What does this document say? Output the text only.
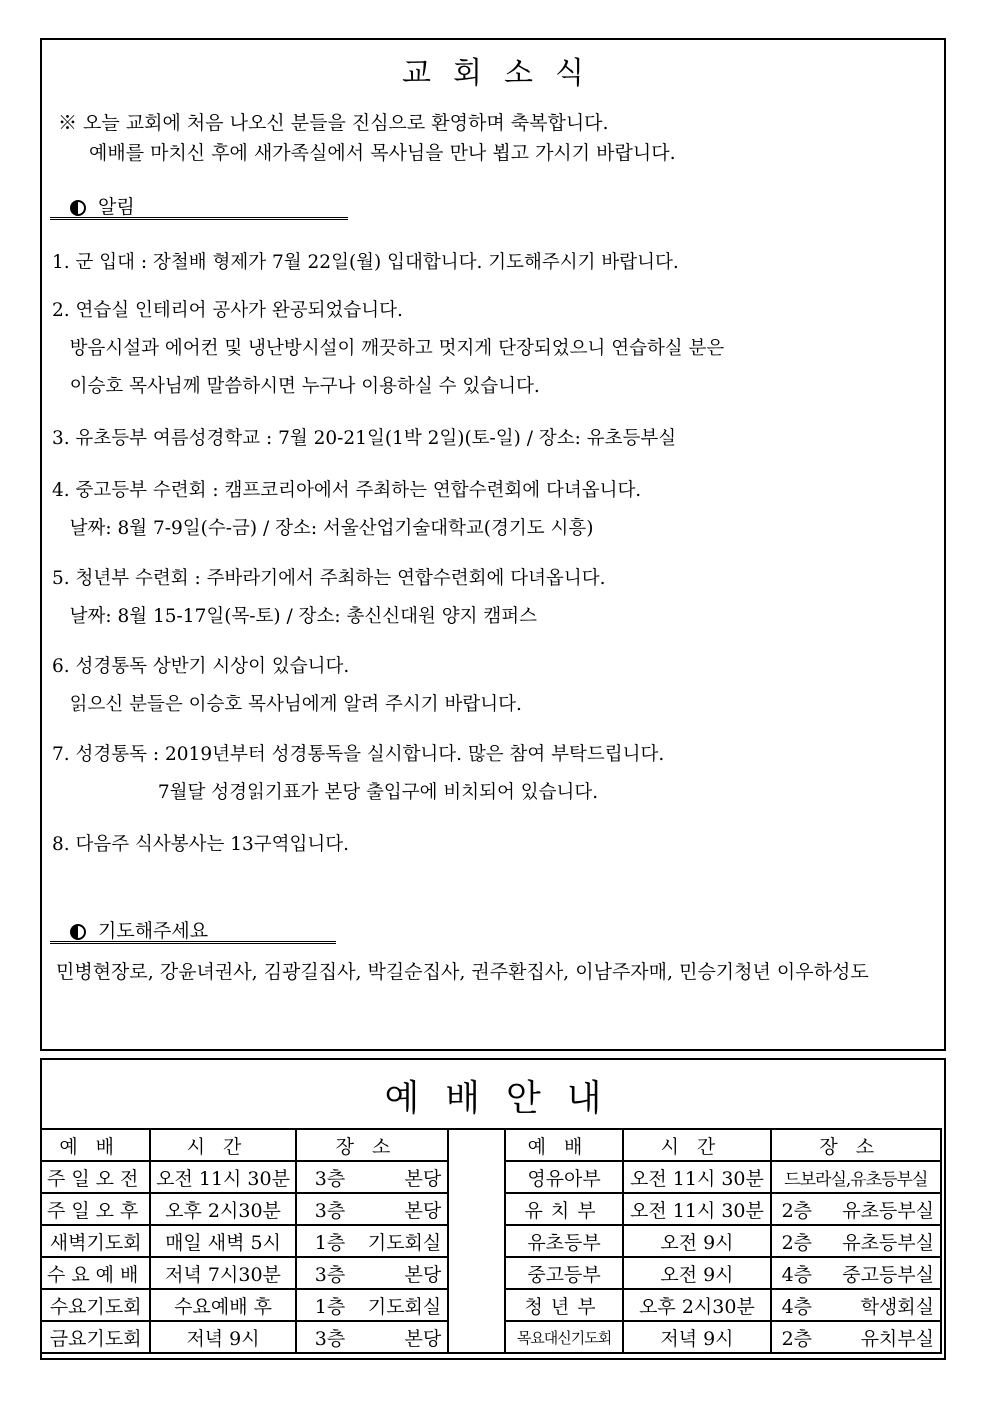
교회소식
※ 오늘 교회에 처음 나오신 분들을 진심으로 환영하며 축복합니다.
예배를 마치신 후에 새가족실에서 목사님을 만나 뵙고 가시기 바랍니다.
알림
1. 군 입대 : 장철배 형제가 7월 22일(월) 입대합니다. 기도해주시기 바랍니다.
2. 연습실 인테리어 공사가 완공되었습니다.
방음시설과 에어컨 및 냉난방시설이 깨끗하고 멋지게 단장되었으니 연습하실 분은
이승호 목사님께 말씀하시면 누구나 이용하실 수 있습니다.
3. 유초등부 여름성경학교 : 7월 20-21일(1박 2일)(토-일) / 장소: 유초등부실
4. 중고등부 수련회 : 캠프코리아에서 주최하는 연합수련회에 다녀옵니다.
날짜: 8월 7-9일(수-금) / 장소: 서울산업기술대학교(경기도 시흥)
5. 청년부 수련회 : 주바라기에서 주최하는 연합수련회에 다녀옵니다.
날짜: 8월 15-17일(목-토) / 장소: 총신신대원 양지 캠퍼스
6. 성경통독 상반기 시상이 있습니다.
읽으신 분들은 이승호 목사님에게 알려 주시기 바랍니다.
7. 성경통독 : 2019년부터 성경통독을 실시합니다. 많은 참여 부탁드립니다.
7월달 성경읽기표가 본당 출입구에 비치되어 있습니다.
8. 다음주 식사봉사는 13구역입니다.
기도해주세요
민병현장로, 강윤녀권사, 김광길집사, 박길순집사, 권주환집사, 이남주자매, 민승기청년 이우하성도
예배안내
예배	시간	장소		예배	시간	장소
주일오전	오전 11시 30분	3층 본당		영유아부	오전 11시 30분	드보라실,유초등부실
주일오후	오후 2시30분	3층 본당		유치부	오전 11시 30분	2층 유초등부실

새벽기도회	매일 새벽 5시	1층 기도회실		유초등부	오전 9시	2층 유초등부실

수요예배	저녁 7시30분	3층 본당		중고등부	오전 9시	4층 중고등부실

수요기도회	수요예배 후	1층 기도회실		청년부	오후 2시30분	4층 학생회실

금요기도회	저녁 9시	3층 본당		목요대신기도회	저녁 9시	2층 유치부실
